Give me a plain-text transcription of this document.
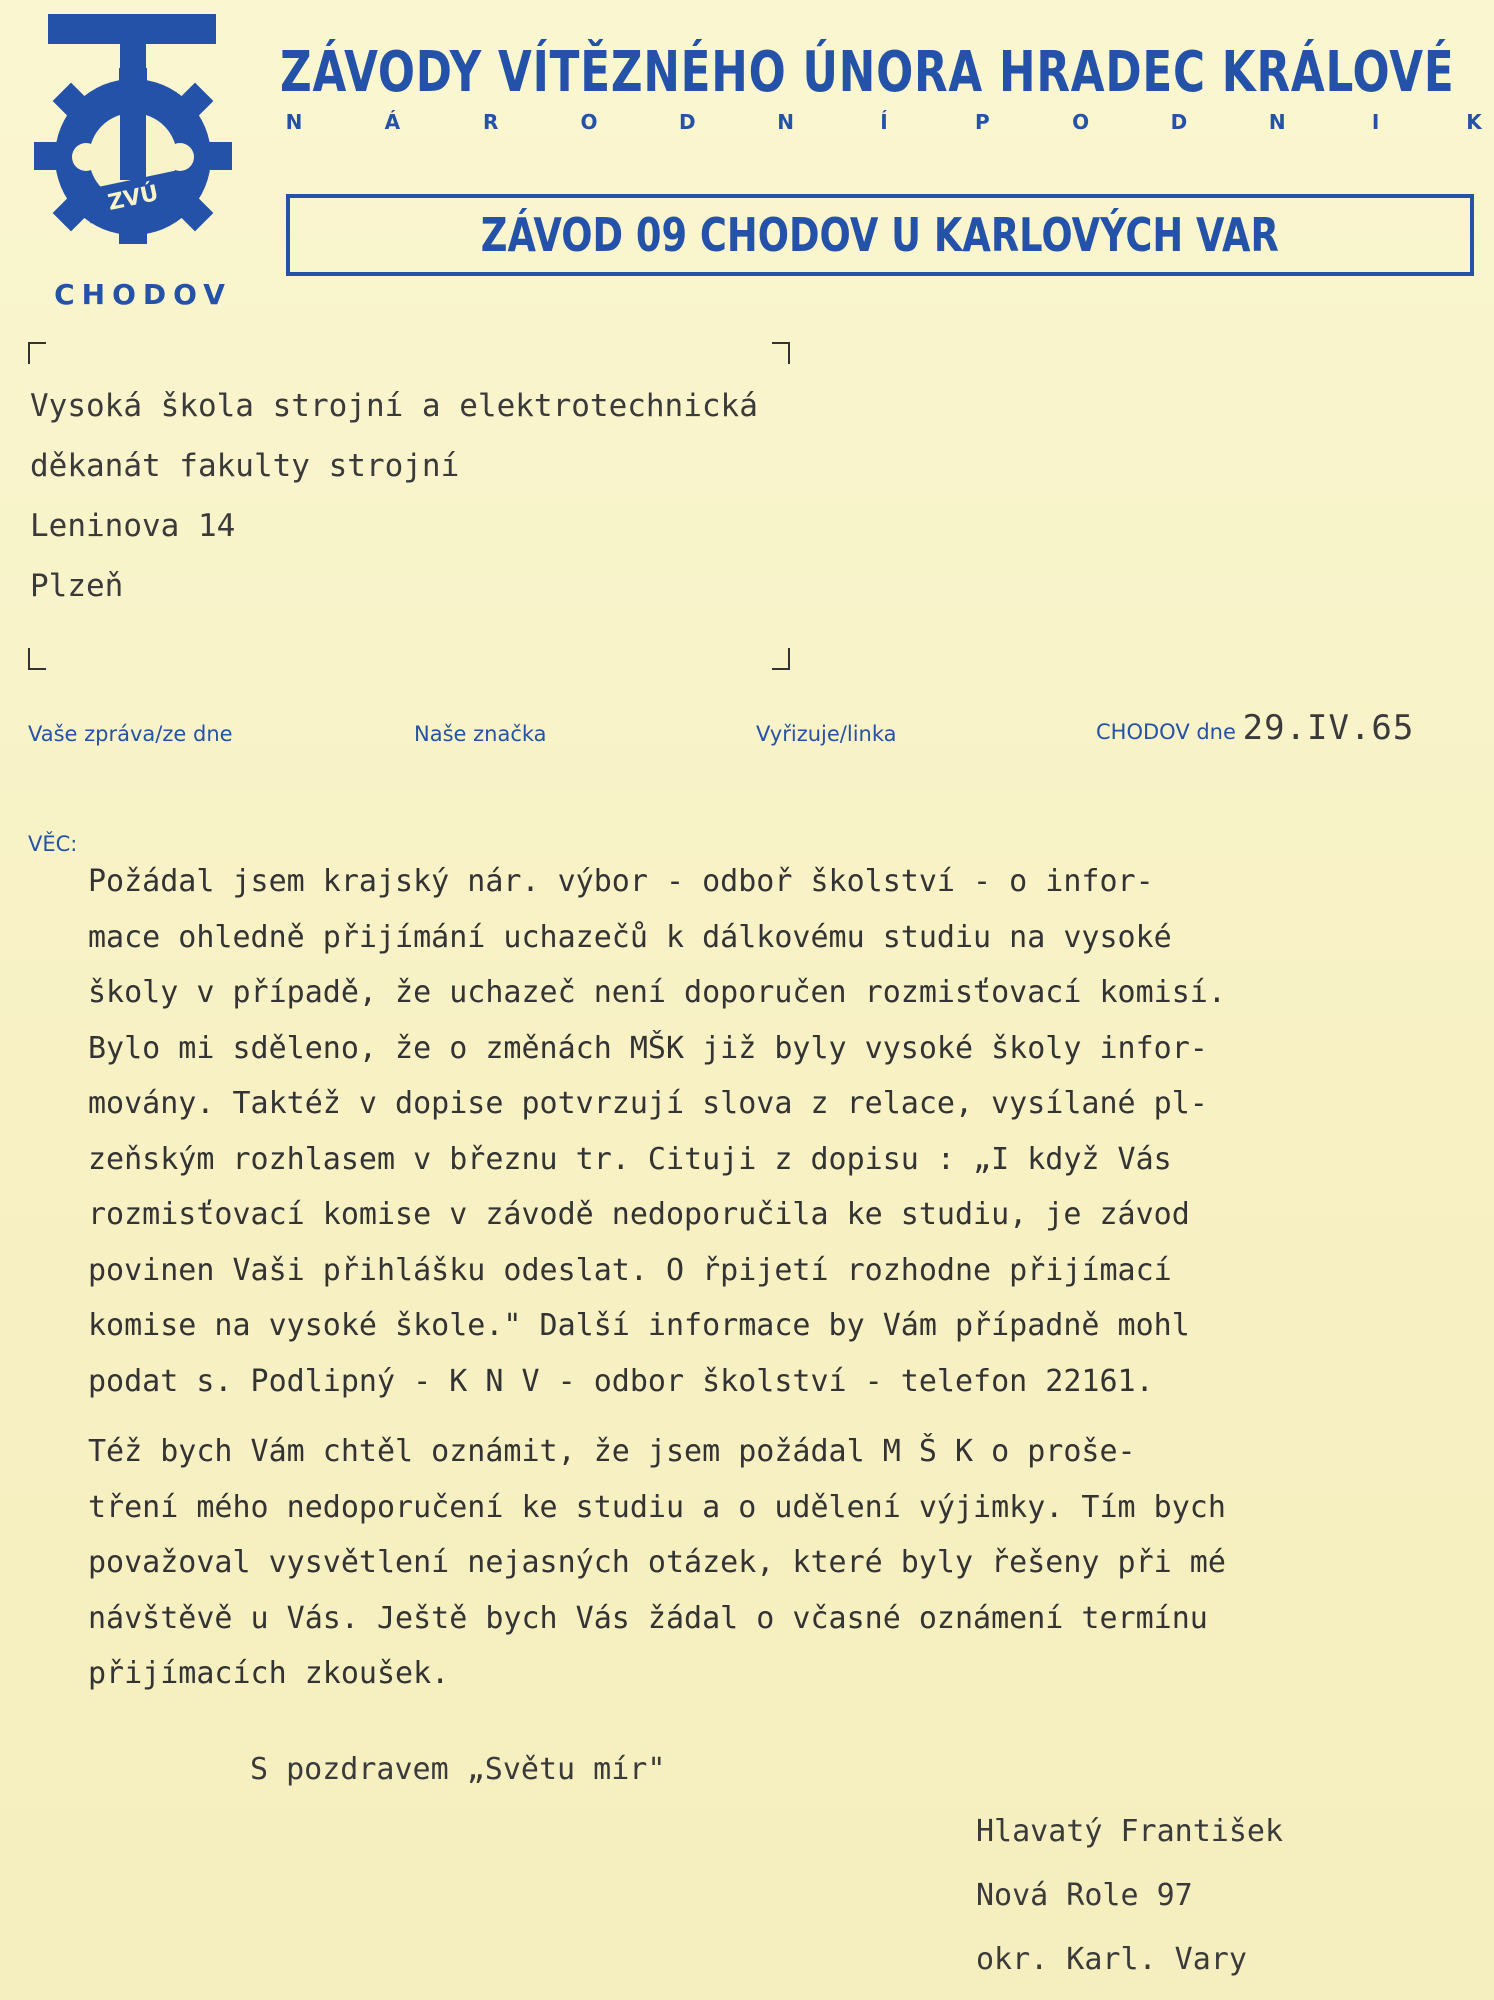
ZVÚ
CHODOV
ZÁVODY VÍTĚZNÉHO ÚNORA HRADEC KRÁLOVÉ
N	Á	R	O	D	N	Í	P	O	D	N	I	K
ZÁVOD 09 CHODOV U KARLOVÝCH VAR
Vysoká škola strojní a elektrotechnická
děkanát fakulty strojní
Leninova 14
Plzeň
Vaše zpráva/ze dne	Naše značka	Vyřizuje/linka	CHODOV dne 29.IV.65
VĚC:
Požádal jsem krajský nár. výbor - odboř školství - o infor-
mace ohledně přijímání uchazečů k dálkovému studiu na vysoké
školy v případě, že uchazeč není doporučen rozmisťovací komisí.
Bylo mi sděleno, že o změnách MŠK již byly vysoké školy infor-
movány. Taktéž v dopise potvrzují slova z relace, vysílané pl-
zeňským rozhlasem v březnu tr. Cituji z dopisu : „I když Vás
rozmisťovací komise v závodě nedoporučila ke studiu, je závod
povinen Vaši přihlášku odeslat. O řpijetí rozhodne přijímací
komise na vysoké škole." Další informace by Vám případně mohl
podat s. Podlipný - K N V - odbor školství - telefon 22161.
Též bych Vám chtěl oznámit, že jsem požádal M Š K o proše-
tření mého nedoporučení ke studiu a o udělení výjimky. Tím bych
považoval vysvětlení nejasných otázek, které byly řešeny při mé
návštěvě u Vás. Ještě bych Vás žádal o včasné oznámení termínu
přijímacích zkoušek.
S pozdravem „Světu mír"
Hlavatý František
Nová Role 97
okr. Karl. Vary
